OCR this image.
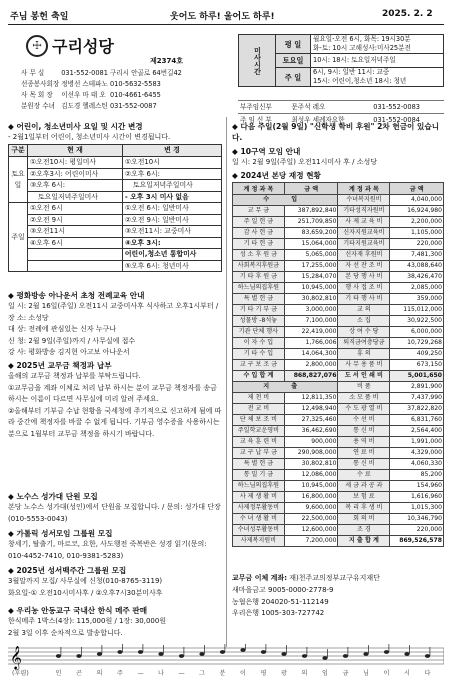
주님 봉헌 축일	웃어도 하루! 울어도 하루!	2025. 2. 2
☩ 구리성당
제2374호
사 무 실	031-552-0081	구리시 안골로 64번길42
선종봉사회장	정병선 스테파노	010-5632-5583
사 목 회 장	이선우 마 태 오	010-4661-6455
분원장 수녀	김도경 헬레스틴	031-552-0087
미사시간	평 일	월요일-오전 6시, 화목: 19시30분
화-토: 10시 고해성사:미사25분전
	토요일	10시: 18시: 토요일저녁주일
	주 일	6시, 9시: 일반 11시: 교중
15시: 어린이,청소년 18시: 청년
부주임신부	문주석 레오	031-552-0083
주 임 신 부	최성우 세례자요한	031-552-0084
◆ 어린이, 청소년미사 요일 및 시간 변경
- 2월1일부터 어린이, 청소년미사 시간이 변경됩니다.
구분	현 재	변 경
토요일	①오전10시: 평일미사	①오전10시
	②오후3시: 어린이미사	②오후 6시:
	③오후 6시:	토요일저녁주일미사
	토요일저녁주일미사	- 오후 3시 미사 없음
주일	①오전 6시	①오전 6시: 일반미사
	②오전 9시	②오전 9시: 일반미사
	③오전11시	③오전11시: 교중미사
	④오후 6시	④오후 3시:
		어린이,청소년 통합미사
		⑤오후 6시: 청년미사
◆ 평화방송 아나운서 초청 전례교육 안내
일 시: 2월 16일(주일) 오전11시 교중미사후 식사하고 오후1시부터 / 장 소: 소성당
대 상: 전례에 관심있는 신자 누구나
신 청: 2월 9일(주일)까지 / 사무실에 접수
강 사: 평화방송 김지현 아고보 아나운서
◆ 2025년 교무금 책정과 납부
올해의 교무금 책정과 납부를 부탁드립니다.
①교무금을 계좌 이체로 처리 납부 하시는 분이 교무금 책정자를 송금하시는 이름이 다르면 사무실에 미리 알려 주세요.
②올해부터 기부금 수납 현황을 국세청에 주기적으로 신고하게 됨에 따라 중간에 책정자를 바꿀 수 없게 됩니다. 기부금 영수증을 사용하시는 분으로 1월부터 교무금 책정을 하시기 바랍니다.
◆ 노수스 성가대 단원 모집
본당 노수스 성가대(성인)에서 단원을 모집합니다. / 문의: 성가대 단장(010-5553-0043)
◆ 가톨릭 성서모임 그룹원 모집
창세기, 탈출기, 마르코, 요한, 사도행전 죽복반은 성경 읽기(문의: 010-4452-7410, 010-9381-5283)
◆ 2025년 성서백주간 그룹원 모집
3월말까지 모집/ 사무실에 신청(010-8765-3119)
화요일-① 오전10시미사후 / ②오후7시30분미사후
◆ 우리농 안동교구 국내산 한식 메주 판매
한식메주 1박스(4장): 115,000원 / 1장: 30,000원
2월 3일 이후 순차적으로 발송합니다.
◆ 다음 주일(2월 9일) "신학생 학비 후원" 2차 헌금이 있습니다.
◆ 10구역 모임 안내
일 시: 2월 9일(주일) 오전11시미사 후 / 소성당
◆ 2024년 본당 재정 현황
계 정 과 목	금 액	계 정 과 목	금 액
수 입		수녀복지원비	4,040,000
교 무 금	387,892,840	기타성직자원비	16,924,980
주 일 헌 금	251,709,850	사 제 교 육 비	2,200,000
감 사 헌 금	83,659,200	신자지원교육비	1,105,000
기 타 헌 금	15,064,000	기타지원교육비	220,000
성 소 후 원 금	5,065,000	신자재 후원비	7,481,300
사회복지후원금	17,255,000	자 선 잔 조 비	43,088,640
기 타 후 원 금	15,284,070	본 당 행 사 비	38,426,470
하느님의집후원	10,945,000	행 사 접 조 비	2,085,000
특 별 헌 금	30,802,810	기 타 행 사 비	359,000
기 타 기 부 금	3,000,000	교 의	115,012,000
성물방 -8석놓	7,100,000	소 집	30,922,500
기관 단체 행사	22,419,000	상 여 수 당	6,000,000
이 자 수 입	1,766,006	퇴직금여충당금	10,729,268
기 타 수 입	14,064,300	휴 의	409,250
교 구 보 조 금	2,800,000	사 무 용 품 비	673,150
수 입 합 계	868,827,076	도 서 인 쇄 비	5,001,650
지 출		비 품	2,891,900
제 천 비	12,811,350	소 모 품 비	7,437,990
전 교 비	12,498,940	수 도 광 열 비	37,822,820
단 체 보 조 비	27,325,460	수 선 비	6,831,760
주일학교운영비	36,462,690	통 신 비	2,564,400
교 육 훈 련 비	900,000	용 역 비	1,991,000
교 구 납 부 금	290,908,000	연 료 비	4,329,000
특 별 헌 금	30,802,810	통 신 비	4,060,330
통 밀 기 금	12,086,000	수 료	85,200
하느님의집후원	10,945,000	세 금 과 공 과	154,960
사 제 생 활 비	16,800,000	보 험 료	1,616,960
사제정무활동비	9,600,000	복 리 후 생 비	1,015,300
수 녀 생 활 비	22,500,000	회 의 비	10,346,790
수녀성무활동비	12,600,000	조 경	220,000
사제복지원비	7,200,000	지 출 합 계	869,526,578
교무금 이체 계좌: 재)천주교의정부교구유지재단
새마을금고 9005-0000-2778-9
농협은행 204020-51-112149
우리은행 1005-303-727742
𝄞
(후렴)	인 곤 의 주 — 나 — 그 분 이 평 광 의 임 금 님 이 시 다
